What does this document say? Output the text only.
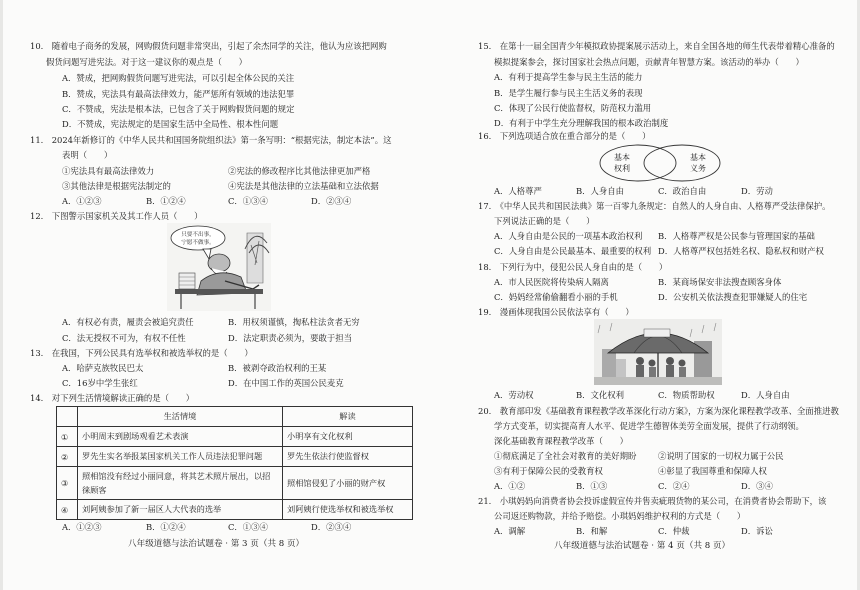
10.　随着电子商务的发展，网购假货问题非常突出，引起了余杰同学的关注，他认为应该把网购
假货问题写进宪法。对于这一建议你的观点是（　　）
A．赞成，把网购假货问题写进宪法，可以引起全体公民的关注
B．赞成，宪法具有最高法律效力，能严惩所有领域的违法犯罪
C．不赞成，宪法是根本法，已包含了关于网购假货问题的规定
D．不赞成，宪法规定的是国家生活中全局性、根本性问题
11.　2024年新修订的《中华人民共和国国务院组织法》第一条写明：“根据宪法，制定本法”。这
表明（　　）
①宪法具有最高法律效力	②宪法的修改程序比其他法律更加严格
③其他法律是根据宪法制定的	④宪法是其他法律的立法基础和立法依据
A．①②③	B．①②④	C．①③④	D．②③④
12.　下图警示国家机关及其工作人员（　　）
只要不出事，
宁愿不做事。
A．有权必有责，履责会被追究责任	B．用权须谨慎，掏私柱法贪者无穷
C．法无授权不可为，有权不任性	D．法定职责必须为，要敢于担当
13.　在我国，下列公民具有选举权和被选举权的是（　　）
A．哈萨克族牧民巴太	B．被剥夺政治权利的王某
C．16岁中学生张红	D．在中国工作的英国公民麦克
14.　对下列生活情境解读正确的是（　　）
	生活情境	解读
①	小明周末到剧场观看艺术表演	小明享有文化权利
②	罗先生实名举报某国家机关工作人员违法犯罪问题	罗先生依法行使监督权
③	照相馆没有经过小丽同意，将其艺术照片展出，以招徕顾客	照相馆侵犯了小丽的财产权
④	刘阿姨参加了新一届区人大代表的选举	刘阿姨行使选举权和被选举权
A．①②③	B．①②④	C．①③④	D．②③④
八年级道德与法治试题卷 · 第 3 页（共 8 页）
15.　在第十一届全国青少年模拟政协提案展示活动上，来自全国各地的师生代表带着精心准备的
模拟提案参会，探讨国家社会热点问题，贡献青年智慧方案。该活动的举办（　　）
A．有利于提高学生参与民主生活的能力
B．是学生履行参与民主生活义务的表现
C．体现了公民行使监督权，防范权力滥用
D．有利于中学生充分理解我国的根本政治制度
16.　下列选项适合放在重合部分的是（　　）
基本
权利
基本
义务
A．人格尊严	B．人身自由	C．政治自由	D．劳动
17.　《中华人民共和国民法典》第一百零九条规定：自然人的人身自由、人格尊严受法律保护。
下列说法正确的是（　　）
A．人身自由是公民的一项基本政治权利 B．人格尊严权是公民参与管理国家的基础
C．人身自由是公民最基本、最重要的权利 D．人格尊严权包括姓名权、隐私权和财产权
18.　下列行为中，侵犯公民人身自由的是（　　）
A．市人民医院将传染病人隔离	B．某商场保安非法搜查顾客身体
C．妈妈经常偷偷翻看小丽的手机	D．公安机关依法搜查犯罪嫌疑人的住宅
19.　漫画体现我国公民依法享有（　　）
A．劳动权	B．文化权利	C．物质帮助权	D．人身自由
20.　教育部印发《基础教育课程教学改革深化行动方案》，方案为深化课程教学改革、全面推进教
学方式变革，切实提高育人水平、促进学生德智体美劳全面发展，提供了行动纲领。
深化基础教育课程教学改革（　　）
①彻底满足了全社会对教育的美好期盼	②说明了国家的一切权力属于公民
③有利于保障公民的受教育权	④彰显了我国尊重和保障人权
A．①②	B．①③	C．②④	D．③④
21.　小琪妈妈向消费者协会投诉虚假宣传并售卖疵瑕货物的某公司，在消费者协会帮助下，该
公司返还购物款，并给予赔偿。小琪妈妈维护权利的方式是（　　）
A．调解	B．和解	C．仲裁	D．诉讼
八年级道德与法治试题卷 · 第 4 页（共 8 页）
